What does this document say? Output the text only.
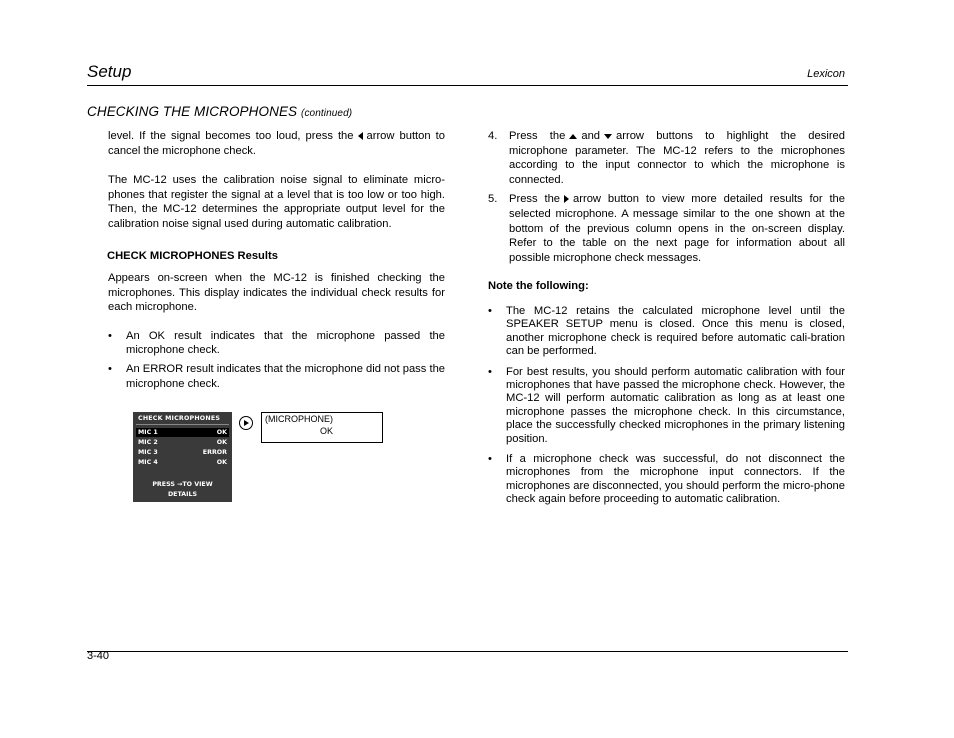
Setup	Lexicon
CHECKING THE MICROPHONES (continued)

level. If the signal becomes too loud, press the arrow button to cancel the microphone check.

The MC-12 uses the calibration noise signal to eliminate micro-phones that register the signal at a level that is too low or too high. Then, the MC-12 determines the appropriate output level for the calibration noise signal used during automatic calibration.

CHECK MICROPHONES Results

Appears on-screen when the MC-12 is finished checking the microphones. This display indicates the individual check results for each microphone.

• An OK result indicates that the microphone passed the microphone check.
• An ERROR result indicates that the microphone did not pass the microphone check.
CHECK MICROPHONES
MIC 1	OK
MIC 2	OK
MIC 3	ERROR
MIC 4	OK
PRESS →TO VIEW
DETAILS
(MICROPHONE)
OK
4. Press the and arrow buttons to highlight the desired microphone parameter. The MC-12 refers to the microphones according to the input connector to which the microphone is connected.
5. Press the arrow button to view more detailed results for the selected microphone. A message similar to the one shown at the bottom of the previous column opens in the on-screen display. Refer to the table on the next page for information about all possible microphone check messages.
Note the following:
• The MC-12 retains the calculated microphone level until the SPEAKER SETUP menu is closed. Once this menu is closed, another microphone check is required before automatic cali-bration can be performed.
• For best results, you should perform automatic calibration with four microphones that have passed the microphone check. However, the MC-12 will perform automatic calibration as long as at least one microphone passes the microphone check. In this circumstance, place the successfully checked microphones in the primary listening position.
• If a microphone check was successful, do not disconnect the microphones from the microphone input connectors. If the microphones are disconnected, you should perform the micro-phone check again before proceeding to automatic calibration.
3-40
